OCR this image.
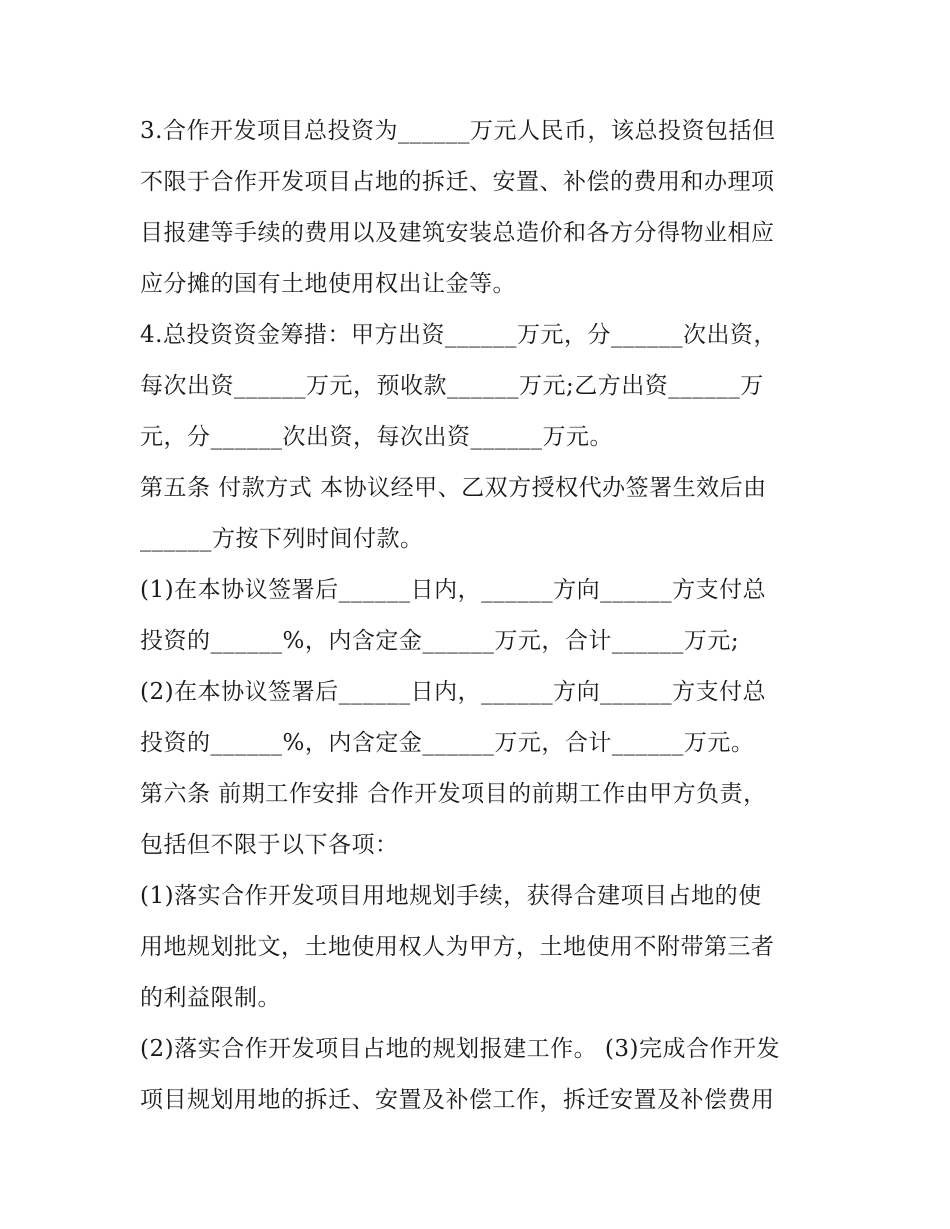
3.合作开发项目总投资为______万元人民币，该总投资包括但
不限于合作开发项目占地的拆迁、安置、补偿的费用和办理项
目报建等手续的费用以及建筑安装总造价和各方分得物业相应
应分摊的国有土地使用权出让金等。
4.总投资资金筹措：甲方出资______万元，分______次出资，
每次出资______万元，预收款______万元;乙方出资______万
元，分______次出资，每次出资______万元。
第五条 付款方式 本协议经甲、乙双方授权代办签署生效后由
______方按下列时间付款。
(1)在本协议签署后______日内，______方向______方支付总
投资的______%，内含定金______万元，合计______万元;
(2)在本协议签署后______日内，______方向______方支付总
投资的______%，内含定金______万元，合计______万元。
第六条 前期工作安排 合作开发项目的前期工作由甲方负责，
包括但不限于以下各项：
(1)落实合作开发项目用地规划手续，获得合建项目占地的使
用地规划批文，土地使用权人为甲方，土地使用不附带第三者
的利益限制。
(2)落实合作开发项目占地的规划报建工作。 (3)完成合作开发
项目规划用地的拆迁、安置及补偿工作，拆迁安置及补偿费用
